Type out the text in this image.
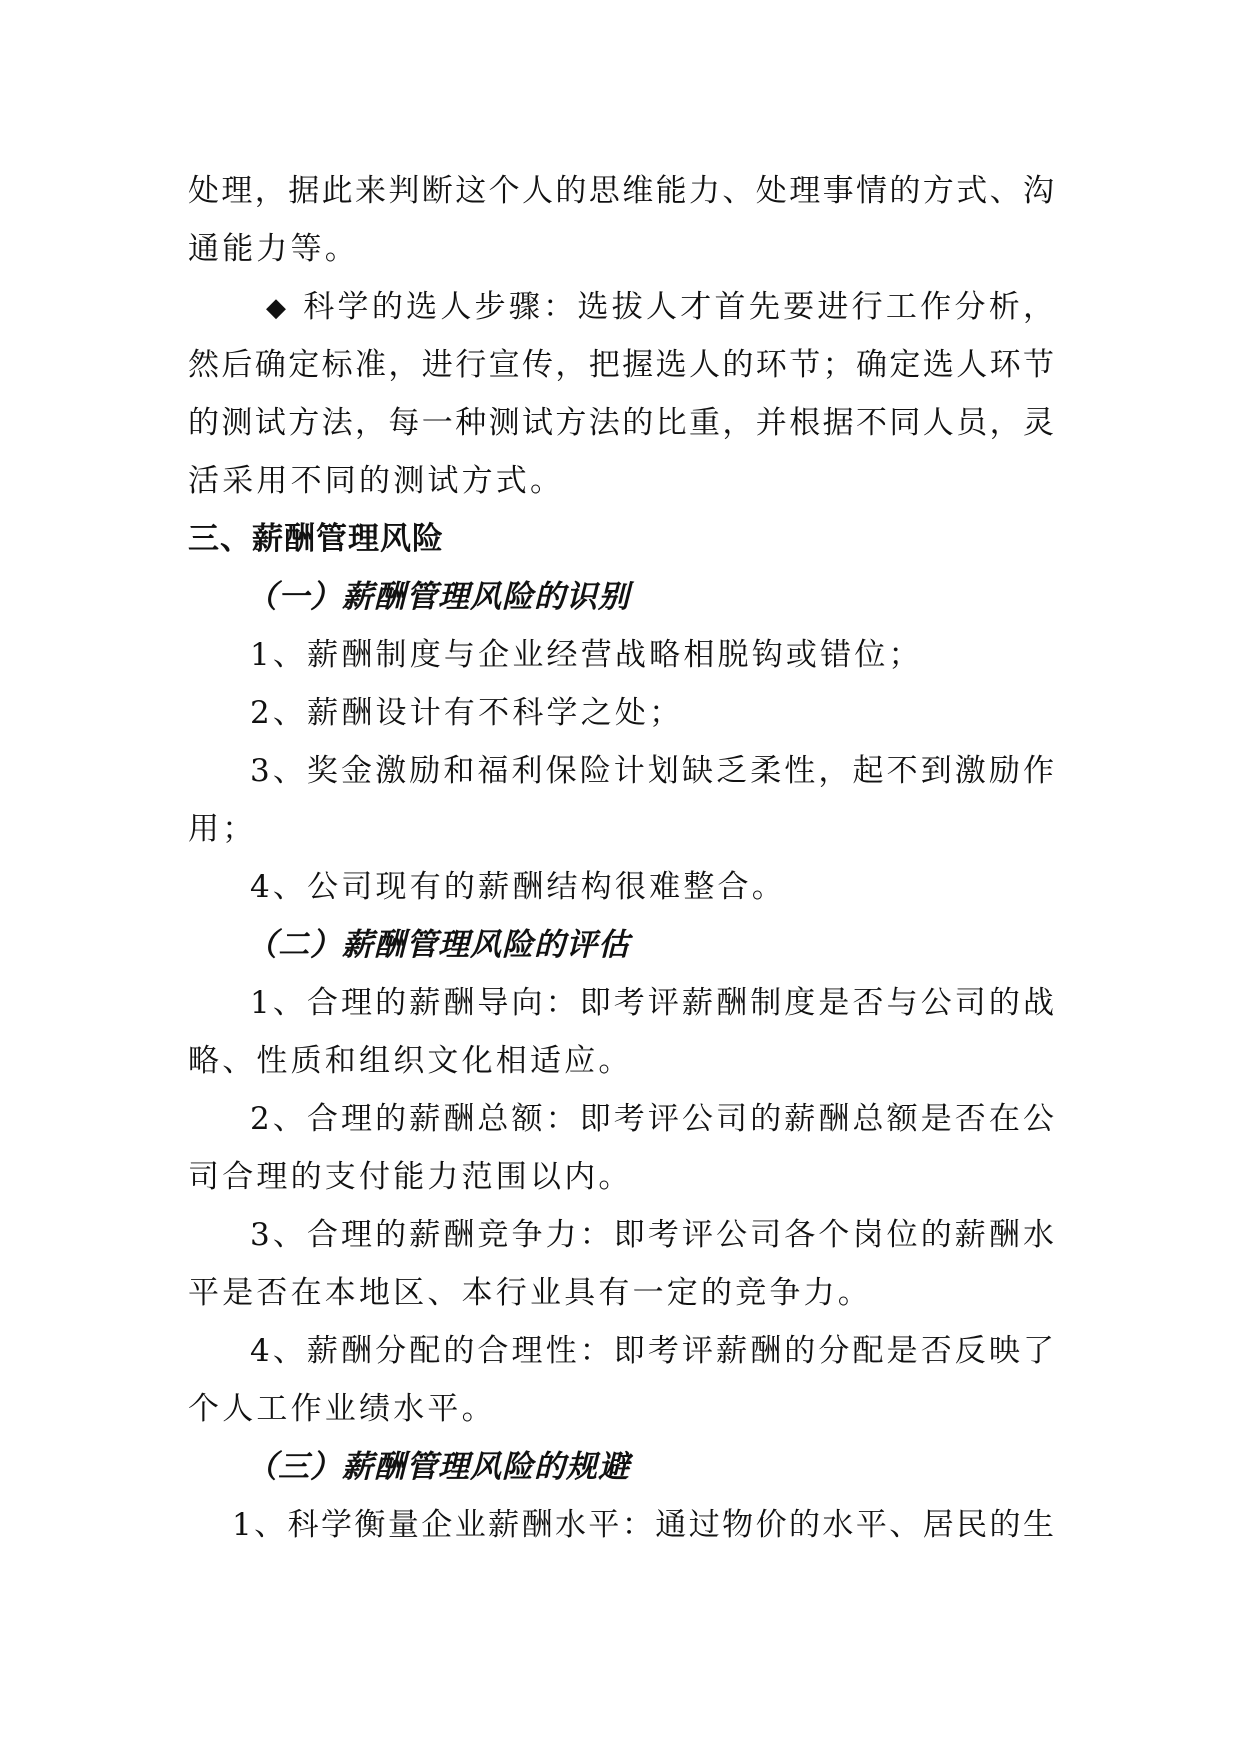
处理，据此来判断这个人的思维能力、处理事情的方式、沟
通能力等。
◆ 科学的选人步骤：选拔人才首先要进行工作分析，
然后确定标准，进行宣传，把握选人的环节；确定选人环节
的测试方法，每一种测试方法的比重，并根据不同人员，灵
活采用不同的测试方式。
三、薪酬管理风险
（一）薪酬管理风险的识别
1、薪酬制度与企业经营战略相脱钩或错位；
2、薪酬设计有不科学之处；
3、奖金激励和福利保险计划缺乏柔性，起不到激励作
用；
4、公司现有的薪酬结构很难整合。
（二）薪酬管理风险的评估
1、合理的薪酬导向：即考评薪酬制度是否与公司的战
略、性质和组织文化相适应。
2、合理的薪酬总额：即考评公司的薪酬总额是否在公
司合理的支付能力范围以内。
3、合理的薪酬竞争力：即考评公司各个岗位的薪酬水
平是否在本地区、本行业具有一定的竞争力。
4、薪酬分配的合理性：即考评薪酬的分配是否反映了
个人工作业绩水平。
（三）薪酬管理风险的规避
1、科学衡量企业薪酬水平：通过物价的水平、居民的生
